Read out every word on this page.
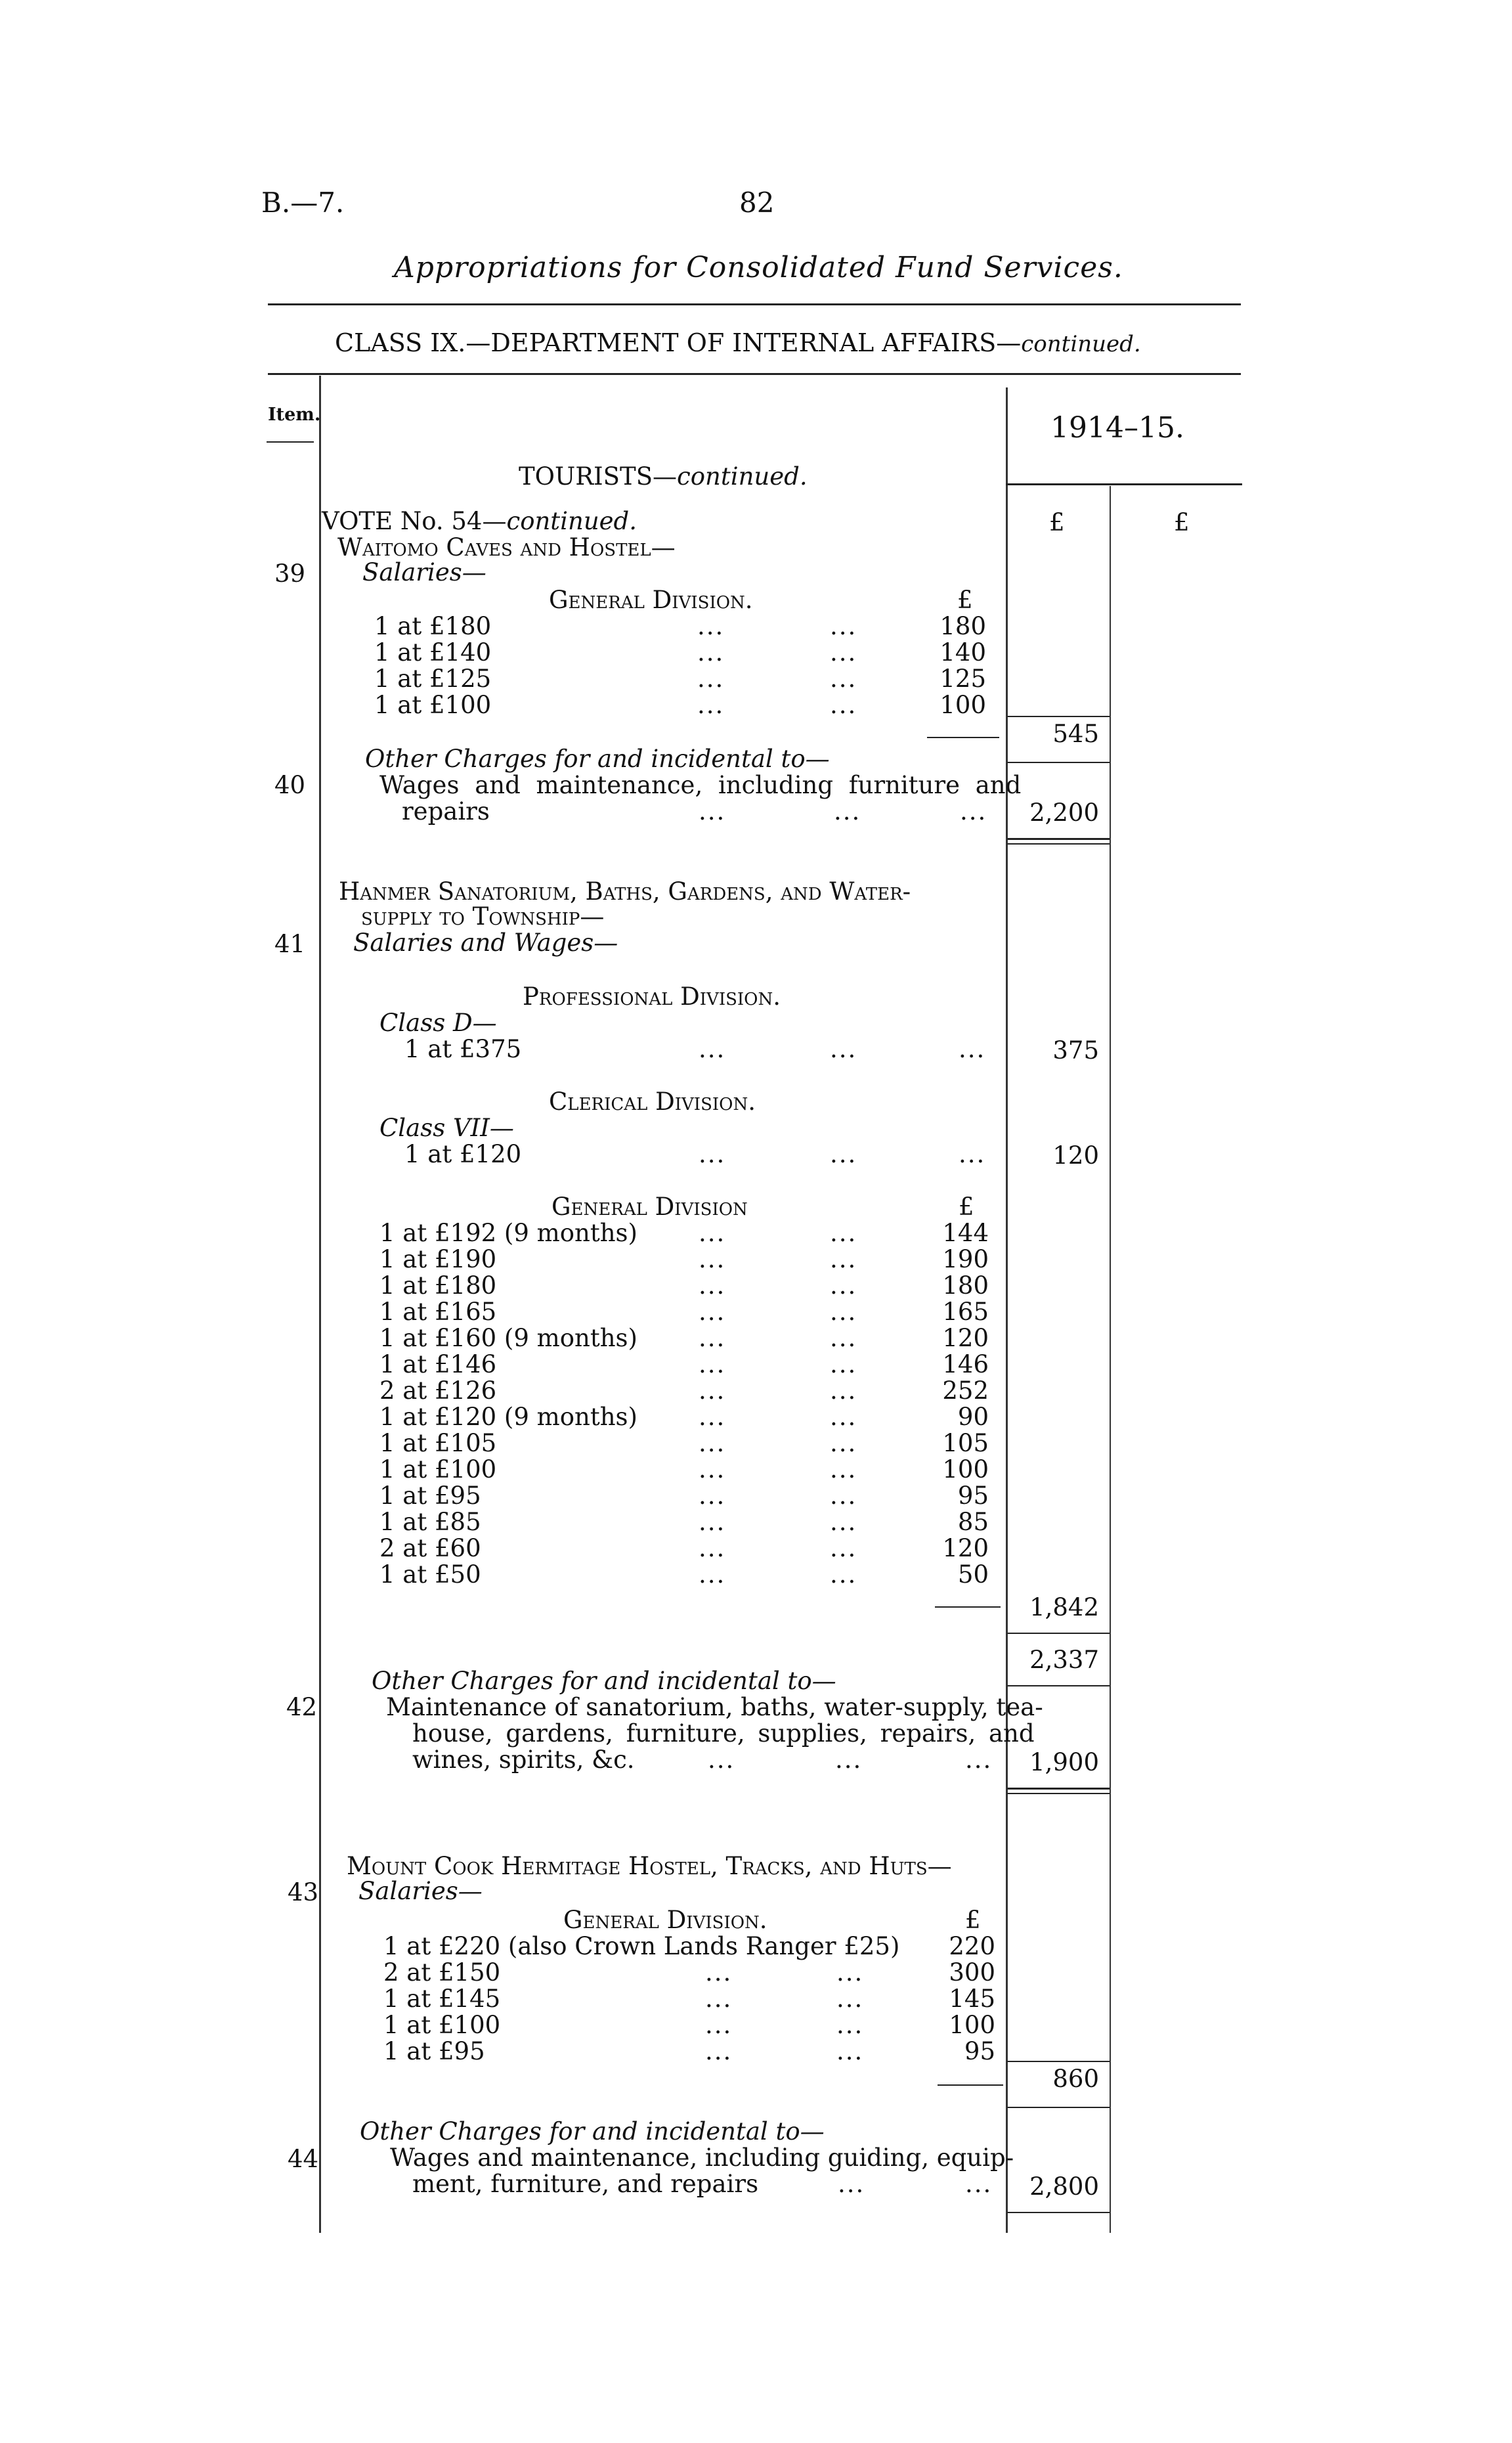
B.—7.	82
Appropriations for Consolidated Fund Services.
CLASS IX.—DEPARTMENT OF INTERNAL AFFAIRS—continued.
Item.	1914–15.
TOURISTS—continued.
VOTE No. 54—continued.	£	£
Waitomo Caves and Hostel—
39 Salaries—
General Division.	£
1 at £180	...	...	180
1 at £140	...	...	140
1 at £125	...	...	125
1 at £100	...	...	100
545
Other Charges for and incidental to—
40	Wages and maintenance, including furniture and
repairs	...	...	...	2,200
Hanmer Sanatorium, Baths, Gardens, and Water-
supply to Township—
41 Salaries and Wages—
Professional Division.
Class D—
1 at £375	...	...	...	375
Clerical Division.
Class VII—
1 at £120	...	...	...	120
General Division	£
1 at £192 (9 months)	...	...	144
1 at £190	...	...	190
1 at £180	...	...	180
1 at £165	...	...	165
1 at £160 (9 months)	...	...	120
1 at £146	...	...	146
2 at £126	...	...	252
1 at £120 (9 months)	...	...	90
1 at £105	...	...	105
1 at £100	...	...	100
1 at £95	...	...	95
1 at £85	...	...	85
2 at £60	...	...	120
1 at £50	...	...	50
1,842
2,337
Other Charges for and incidental to—
42	Maintenance of sanatorium, baths, water-supply, tea-
house, gardens, furniture, supplies, repairs, and
wines, spirits, &c.	...	...	...	1,900
Mount Cook Hermitage Hostel, Tracks, and Huts—
43 Salaries—
General Division.	£
1 at £220 (also Crown Lands Ranger £25)	220
2 at £150	...	...	300
1 at £145	...	...	145
1 at £100	...	...	100
1 at £95	...	...	95
860
Other Charges for and incidental to—
44	Wages and maintenance, including guiding, equip-
ment, furniture, and repairs	...	...	2,800
